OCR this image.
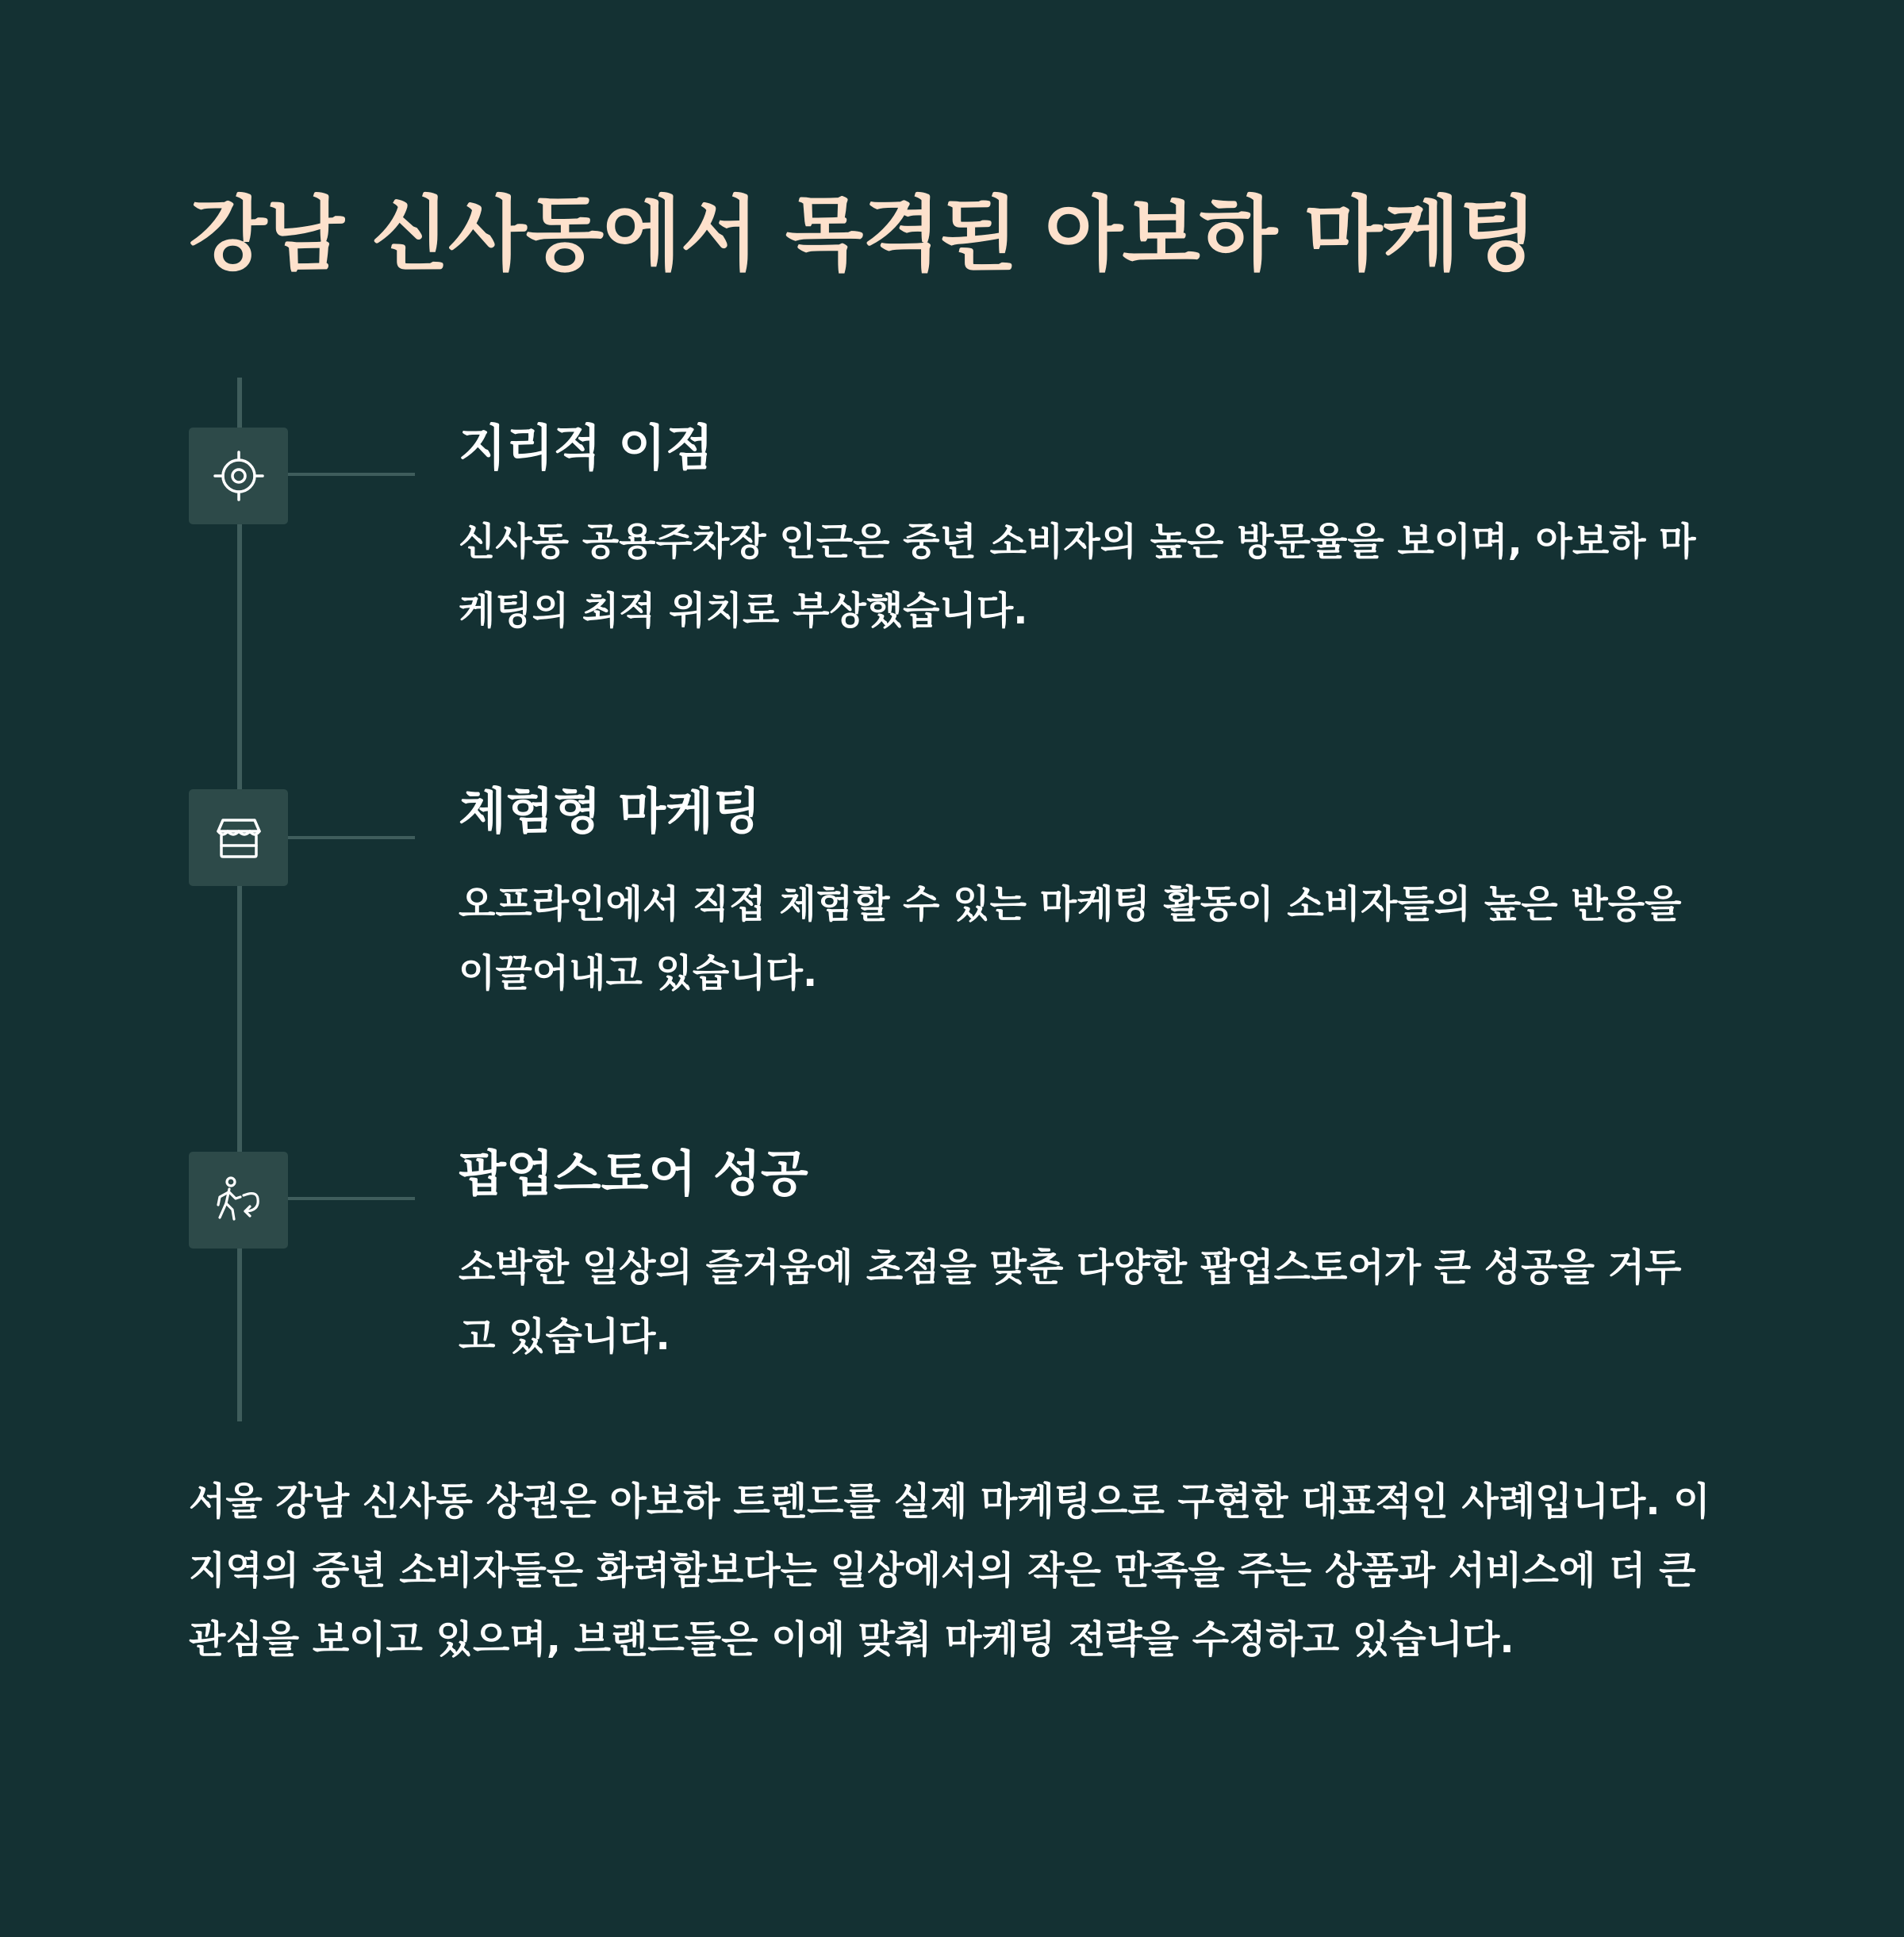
강남 신사동에서 목격된 아보하 마케팅
지리적 이점

신사동 공용주차장 인근은 중년 소비자의 높은 방문율을 보이며, 아보하 마케팅의 최적 위치로 부상했습니다.

체험형 마케팅

오프라인에서 직접 체험할 수 있는 마케팅 활동이 소비자들의 높은 반응을 이끌어내고 있습니다.

팝업스토어 성공

소박한 일상의 즐거움에 초점을 맞춘 다양한 팝업스토어가 큰 성공을 거두고 있습니다.

서울 강남 신사동 상권은 아보하 트렌드를 실제 마케팅으로 구현한 대표적인 사례입니다. 이 지역의 중년 소비자들은 화려함보다는 일상에서의 작은 만족을 주는 상품과 서비스에 더 큰 관심을 보이고 있으며, 브랜드들은 이에 맞춰 마케팅 전략을 수정하고 있습니다.
